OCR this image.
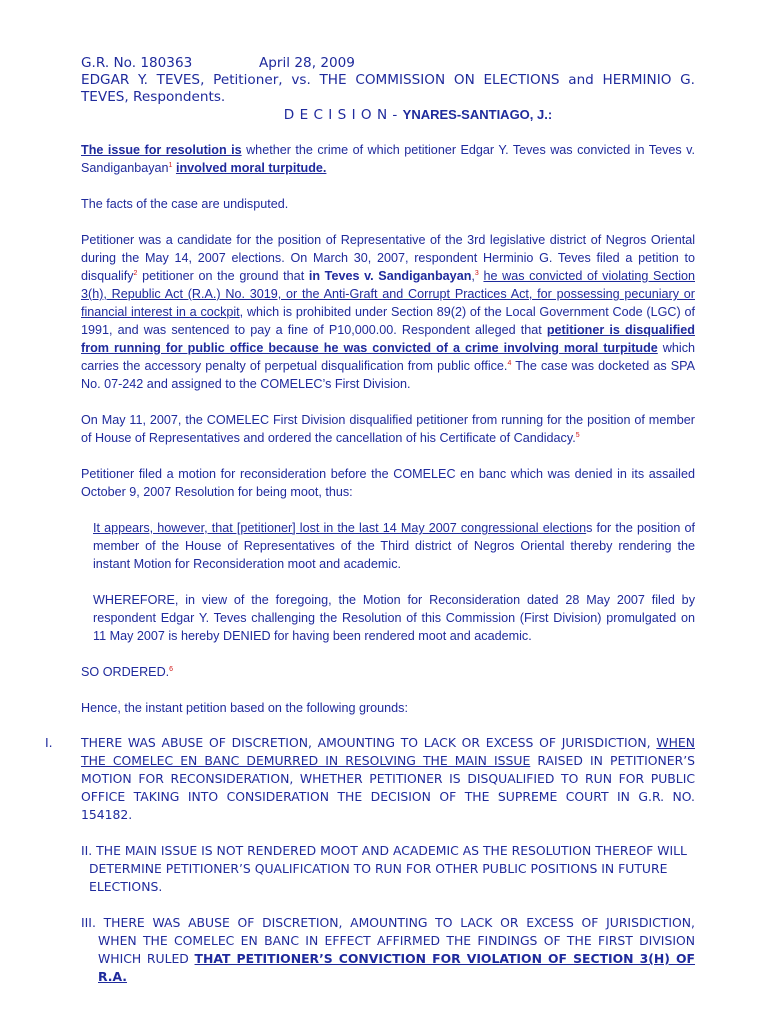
G.R. No. 180363	April 28, 2009
EDGAR Y. TEVES, Petitioner, vs. THE COMMISSION ON ELECTIONS and HERMINIO G.
TEVES, Respondents.
D E C I S I O N - YNARES-SANTIAGO, J.:

The issue for resolution is whether the crime of which petitioner Edgar Y. Teves was convicted in Teves v. Sandiganbayan$^1$ involved moral turpitude.

The facts of the case are undisputed.

Petitioner was a candidate for the position of Representative of the 3rd legislative district of Negros Oriental during the May 14, 2007 elections. On March 30, 2007, respondent Herminio G. Teves filed a petition to disqualify$^2$ petitioner on the ground that in Teves v. Sandiganbayan,$^3$ he was convicted of violating Section 3(h), Republic Act (R.A.) No. 3019, or the Anti-Graft and Corrupt Practices Act, for possessing pecuniary or financial interest in a cockpit, which is prohibited under Section 89(2) of the Local Government Code (LGC) of 1991, and was sentenced to pay a fine of P10,000.00. Respondent alleged that petitioner is disqualified from running for public office because he was convicted of a crime involving moral turpitude which carries the accessory penalty of perpetual disqualification from public office.$^4$ The case was docketed as SPA No. 07-242 and assigned to the COMELEC’s First Division.

On May 11, 2007, the COMELEC First Division disqualified petitioner from running for the position of member of House of Representatives and ordered the cancellation of his Certificate of Candidacy.$^5$

Petitioner filed a motion for reconsideration before the COMELEC en banc which was denied in its assailed October 9, 2007 Resolution for being moot, thus:

It appears, however, that [petitioner] lost in the last 14 May 2007 congressional elections for the position of member of the House of Representatives of the Third district of Negros Oriental thereby rendering the instant Motion for Reconsideration moot and academic.

WHEREFORE, in view of the foregoing, the Motion for Reconsideration dated 28 May 2007 filed by respondent Edgar Y. Teves challenging the Resolution of this Commission (First Division) promulgated on 11 May 2007 is hereby DENIED for having been rendered moot and academic.

SO ORDERED.$^6$

Hence, the instant petition based on the following grounds:

I. THERE WAS ABUSE OF DISCRETION, AMOUNTING TO LACK OR EXCESS OF JURISDICTION, WHEN THE COMELEC EN BANC DEMURRED IN RESOLVING THE MAIN ISSUE RAISED IN PETITIONER’S MOTION FOR RECONSIDERATION, WHETHER PETITIONER IS DISQUALIFIED TO RUN FOR PUBLIC OFFICE TAKING INTO CONSIDERATION THE DECISION OF THE SUPREME COURT IN G.R. NO. 154182.

II. THE MAIN ISSUE IS NOT RENDERED MOOT AND ACADEMIC AS THE RESOLUTION THEREOF WILL DETERMINE PETITIONER’S QUALIFICATION TO RUN FOR OTHER PUBLIC POSITIONS IN FUTURE ELECTIONS.

III. THERE WAS ABUSE OF DISCRETION, AMOUNTING TO LACK OR EXCESS OF JURISDICTION,
WHEN THE COMELEC EN BANC IN EFFECT AFFIRMED THE FINDINGS OF THE FIRST DIVISION WHICH RULED THAT PETITIONER’S CONVICTION FOR VIOLATION OF SECTION 3(H) OF R.A.
